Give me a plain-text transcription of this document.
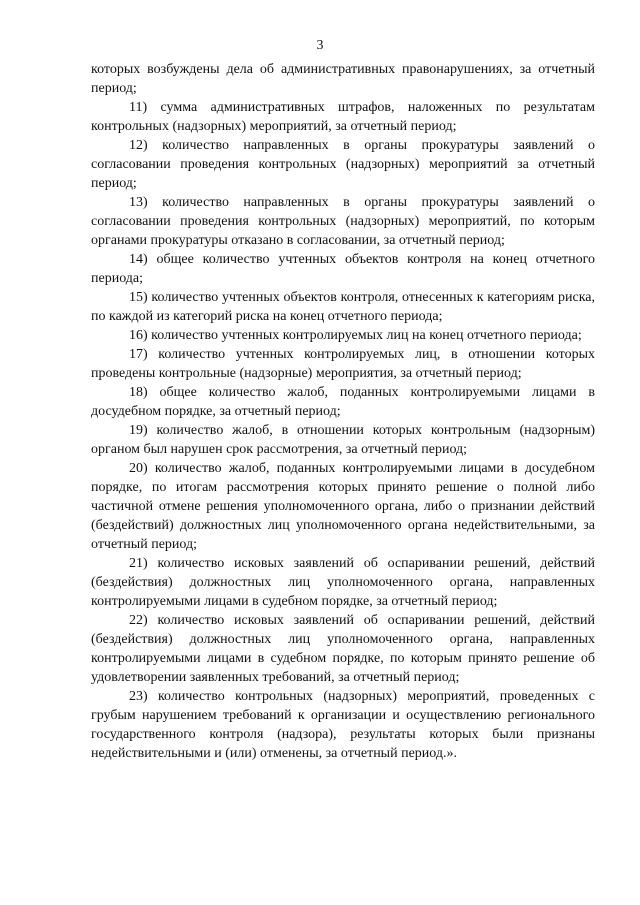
3

которых возбуждены дела об административных правонарушениях, за отчетный период;

11) сумма административных штрафов, наложенных по результатам контрольных (надзорных) мероприятий, за отчетный период;

12) количество направленных в органы прокуратуры заявлений о согласовании проведения контрольных (надзорных) мероприятий за отчетный период;

13) количество направленных в органы прокуратуры заявлений о согласовании проведения контрольных (надзорных) мероприятий, по которым органами прокуратуры отказано в согласовании, за отчетный период;

14) общее количество учтенных объектов контроля на конец отчетного периода;

15) количество учтенных объектов контроля, отнесенных к категориям риска, по каждой из категорий риска на конец отчетного периода;

16) количество учтенных контролируемых лиц на конец отчетного периода;

17) количество учтенных контролируемых лиц, в отношении которых проведены контрольные (надзорные) мероприятия, за отчетный период;

18) общее количество жалоб, поданных контролируемыми лицами в досудебном порядке, за отчетный период;

19) количество жалоб, в отношении которых контрольным (надзорным) органом был нарушен срок рассмотрения, за отчетный период;

20) количество жалоб, поданных контролируемыми лицами в досудебном порядке, по итогам рассмотрения которых принято решение о полной либо частичной отмене решения уполномоченного органа, либо о признании действий (бездействий) должностных лиц уполномоченного органа недействительными, за отчетный период;

21) количество исковых заявлений об оспаривании решений, действий (бездействия) должностных лиц уполномоченного органа, направленных контролируемыми лицами в судебном порядке, за отчетный период;

22) количество исковых заявлений об оспаривании решений, действий (бездействия) должностных лиц уполномоченного органа, направленных контролируемыми лицами в судебном порядке, по которым принято решение об удовлетворении заявленных требований, за отчетный период;

23) количество контрольных (надзорных) мероприятий, проведенных с грубым нарушением требований к организации и осуществлению регионального государственного контроля (надзора), результаты которых были признаны недействительными и (или) отменены, за отчетный период.».
